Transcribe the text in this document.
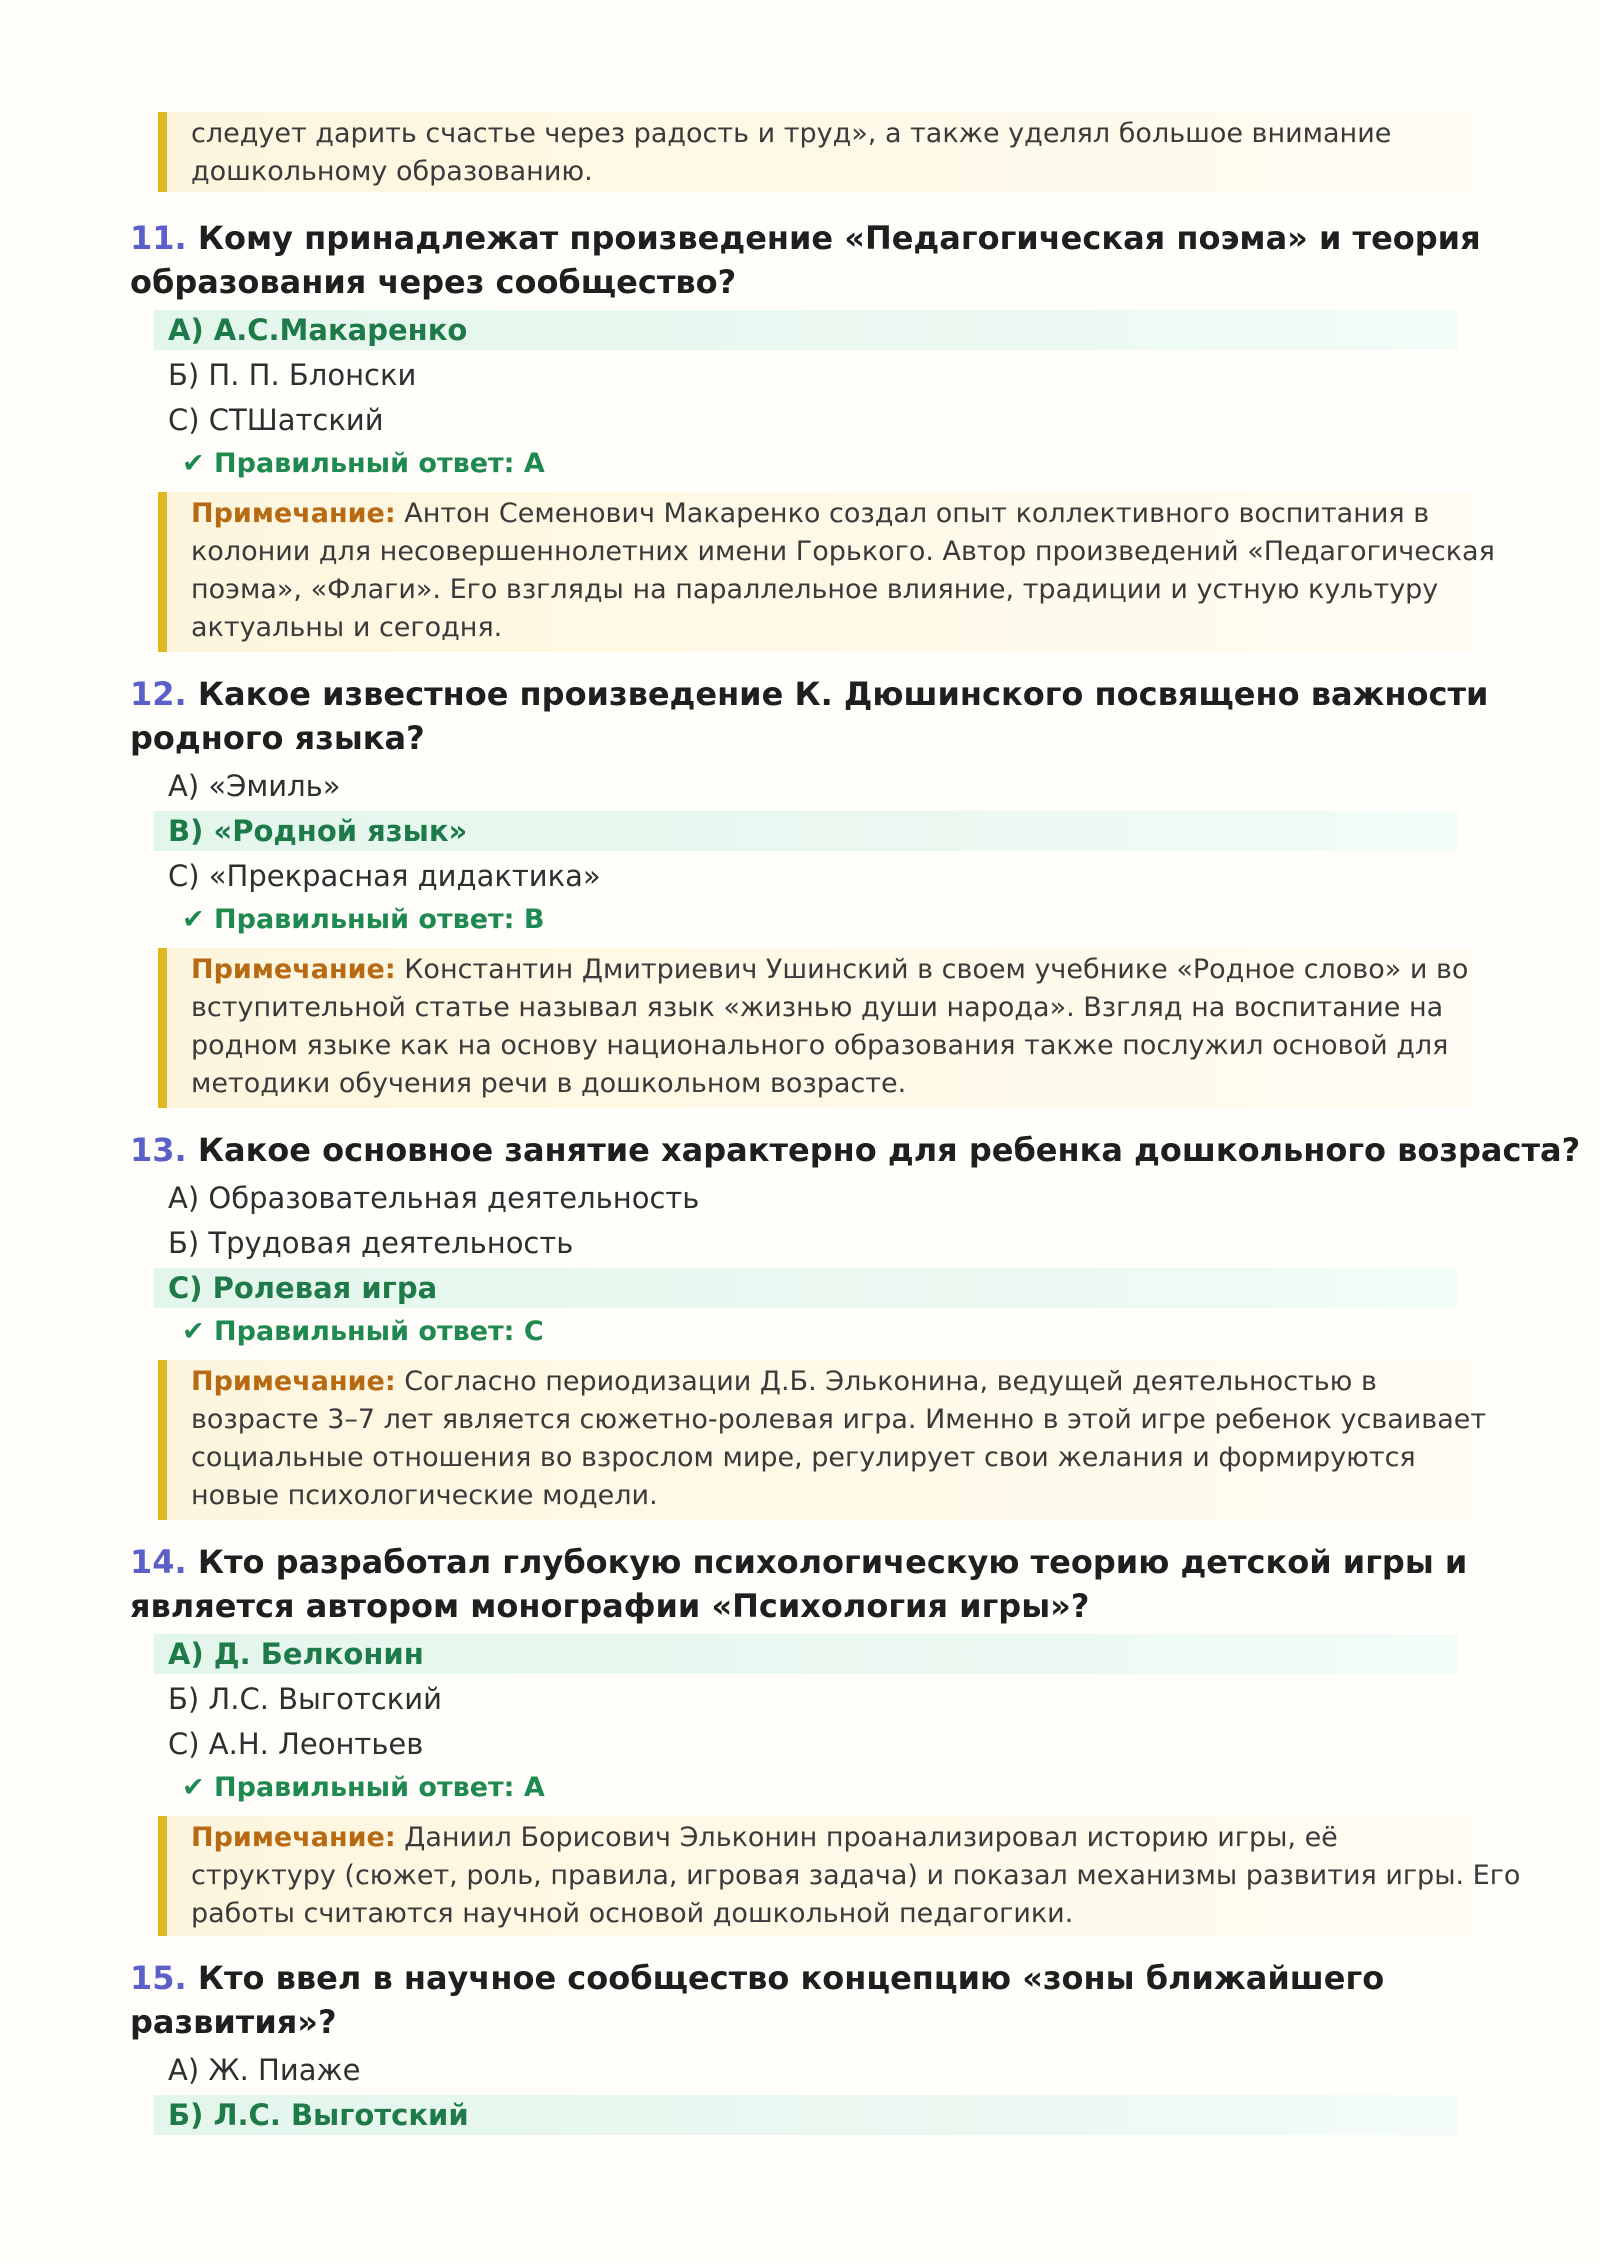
следует дарить счастье через радость и труд», а также уделял большое внимание
дошкольному образованию.
11. Кому принадлежат произведение «Педагогическая поэма» и теория
образования через сообщество?
А) А.С.Макаренко
Б) П. П. Блонски
С) СТШатский
✔ Правильный ответ: А
Примечание: Антон Семенович Макаренко создал опыт коллективного воспитания в
колонии для несовершеннолетних имени Горького. Автор произведений «Педагогическая
поэма», «Флаги». Его взгляды на параллельное влияние, традиции и устную культуру
актуальны и сегодня.
12. Какое известное произведение К. Дюшинского посвящено важности
родного языка?
А) «Эмиль»
В) «Родной язык»
С) «Прекрасная дидактика»
✔ Правильный ответ: В
Примечание: Константин Дмитриевич Ушинский в своем учебнике «Родное слово» и во
вступительной статье называл язык «жизнью души народа». Взгляд на воспитание на
родном языке как на основу национального образования также послужил основой для
методики обучения речи в дошкольном возрасте.
13. Какое основное занятие характерно для ребенка дошкольного возраста?
А) Образовательная деятельность
Б) Трудовая деятельность
С) Ролевая игра
✔ Правильный ответ: С
Примечание: Согласно периодизации Д.Б. Эльконина, ведущей деятельностью в
возрасте 3–7 лет является сюжетно-ролевая игра. Именно в этой игре ребенок усваивает
социальные отношения во взрослом мире, регулирует свои желания и формируются
новые психологические модели.
14. Кто разработал глубокую психологическую теорию детской игры и
является автором монографии «Психология игры»?
А) Д. Белконин
Б) Л.С. Выготский
С) А.Н. Леонтьев
✔ Правильный ответ: А
Примечание: Даниил Борисович Эльконин проанализировал историю игры, её
структуру (сюжет, роль, правила, игровая задача) и показал механизмы развития игры. Его
работы считаются научной основой дошкольной педагогики.
15. Кто ввел в научное сообщество концепцию «зоны ближайшего
развития»?
А) Ж. Пиаже
Б) Л.С. Выготский
